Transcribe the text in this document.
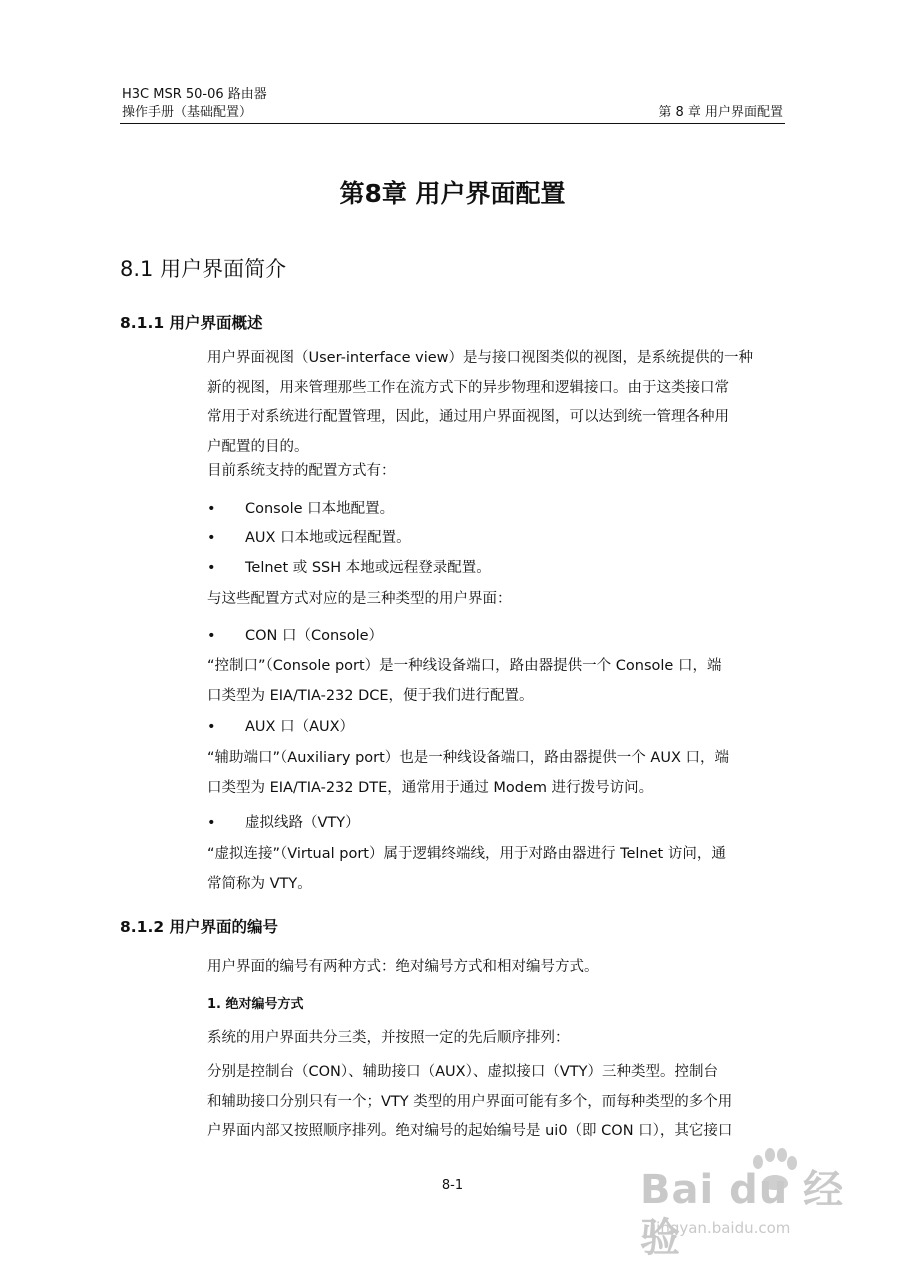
H3C MSR 50-06 路由器
操作手册（基础配置）	第 8 章 用户界面配置
第8章 用户界面配置
8.1 用户界面简介
8.1.1 用户界面概述
用户界面视图（User-interface view）是与接口视图类似的视图，是系统提供的一种
新的视图，用来管理那些工作在流方式下的异步物理和逻辑接口。由于这类接口常
常用于对系统进行配置管理，因此，通过用户界面视图，可以达到统一管理各种用
户配置的目的。
目前系统支持的配置方式有：
•	Console 口本地配置。
•	AUX 口本地或远程配置。
•	Telnet 或 SSH 本地或远程登录配置。
与这些配置方式对应的是三种类型的用户界面：
•	CON 口（Console）
“控制口”（Console port）是一种线设备端口，路由器提供一个 Console 口，端
口类型为 EIA/TIA-232 DCE，便于我们进行配置。
•	AUX 口（AUX）
“辅助端口”（Auxiliary port）也是一种线设备端口，路由器提供一个 AUX 口，端
口类型为 EIA/TIA-232 DTE，通常用于通过 Modem 进行拨号访问。
•	虚拟线路（VTY）
“虚拟连接”（Virtual port）属于逻辑终端线，用于对路由器进行 Telnet 访问，通
常简称为 VTY。
8.1.2 用户界面的编号
用户界面的编号有两种方式：绝对编号方式和相对编号方式。
1. 绝对编号方式
系统的用户界面共分三类，并按照一定的先后顺序排列：
分别是控制台（CON）、辅助接口（AUX）、虚拟接口（VTY）三种类型。控制台
和辅助接口分别只有一个；VTY 类型的用户界面可能有多个，而每种类型的多个用
户界面内部又按照顺序排列。绝对编号的起始编号是 ui0（即 CON 口），其它接口
8-1	Bai du 经验
jingyan.baidu.com
